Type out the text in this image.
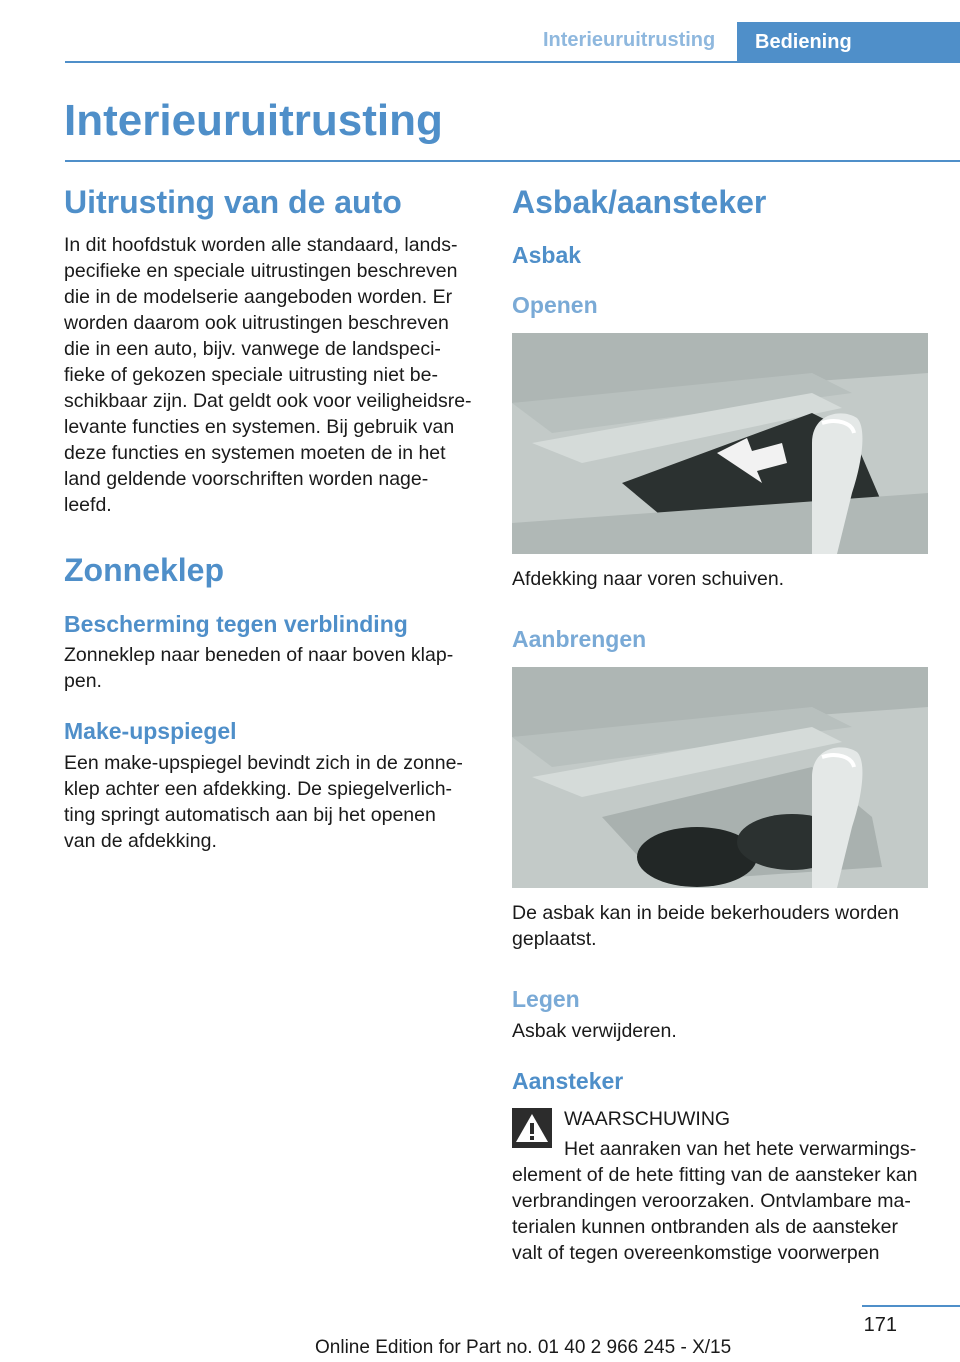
Interieuruitrusting	Bediening
Interieuruitrusting
Uitrusting van de auto
In dit hoofdstuk worden alle standaard, lands‐
pecifieke en speciale uitrustingen beschreven
die in de modelserie aangeboden worden. Er
worden daarom ook uitrustingen beschreven
die in een auto, bijv. vanwege de landspeci‐
fieke of gekozen speciale uitrusting niet be‐
schikbaar zijn. Dat geldt ook voor veiligheidsre‐
levante functies en systemen. Bij gebruik van
deze functies en systemen moeten de in het
land geldende voorschriften worden nage‐
leefd.
Zonneklep
Bescherming tegen verblinding
Zonneklep naar beneden of naar boven klap‐
pen.
Make-upspiegel
Een make-upspiegel bevindt zich in de zonne‐
klep achter een afdekking. De spiegelverlich‐
ting springt automatisch aan bij het openen
van de afdekking.
Asbak/aansteker
Asbak
Openen
Afdekking naar voren schuiven.
Aanbrengen
De asbak kan in beide bekerhouders worden
geplaatst.
Legen
Asbak verwijderen.
Aansteker
WAARSCHUWING
Het aanraken van het hete verwarmings‐
element of de hete fitting van de aansteker kan
verbrandingen veroorzaken. Ontvlambare ma‐
terialen kunnen ontbranden als de aansteker
valt of tegen overeenkomstige voorwerpen
171
Online Edition for Part no. 01 40 2 966 245 - X/15
